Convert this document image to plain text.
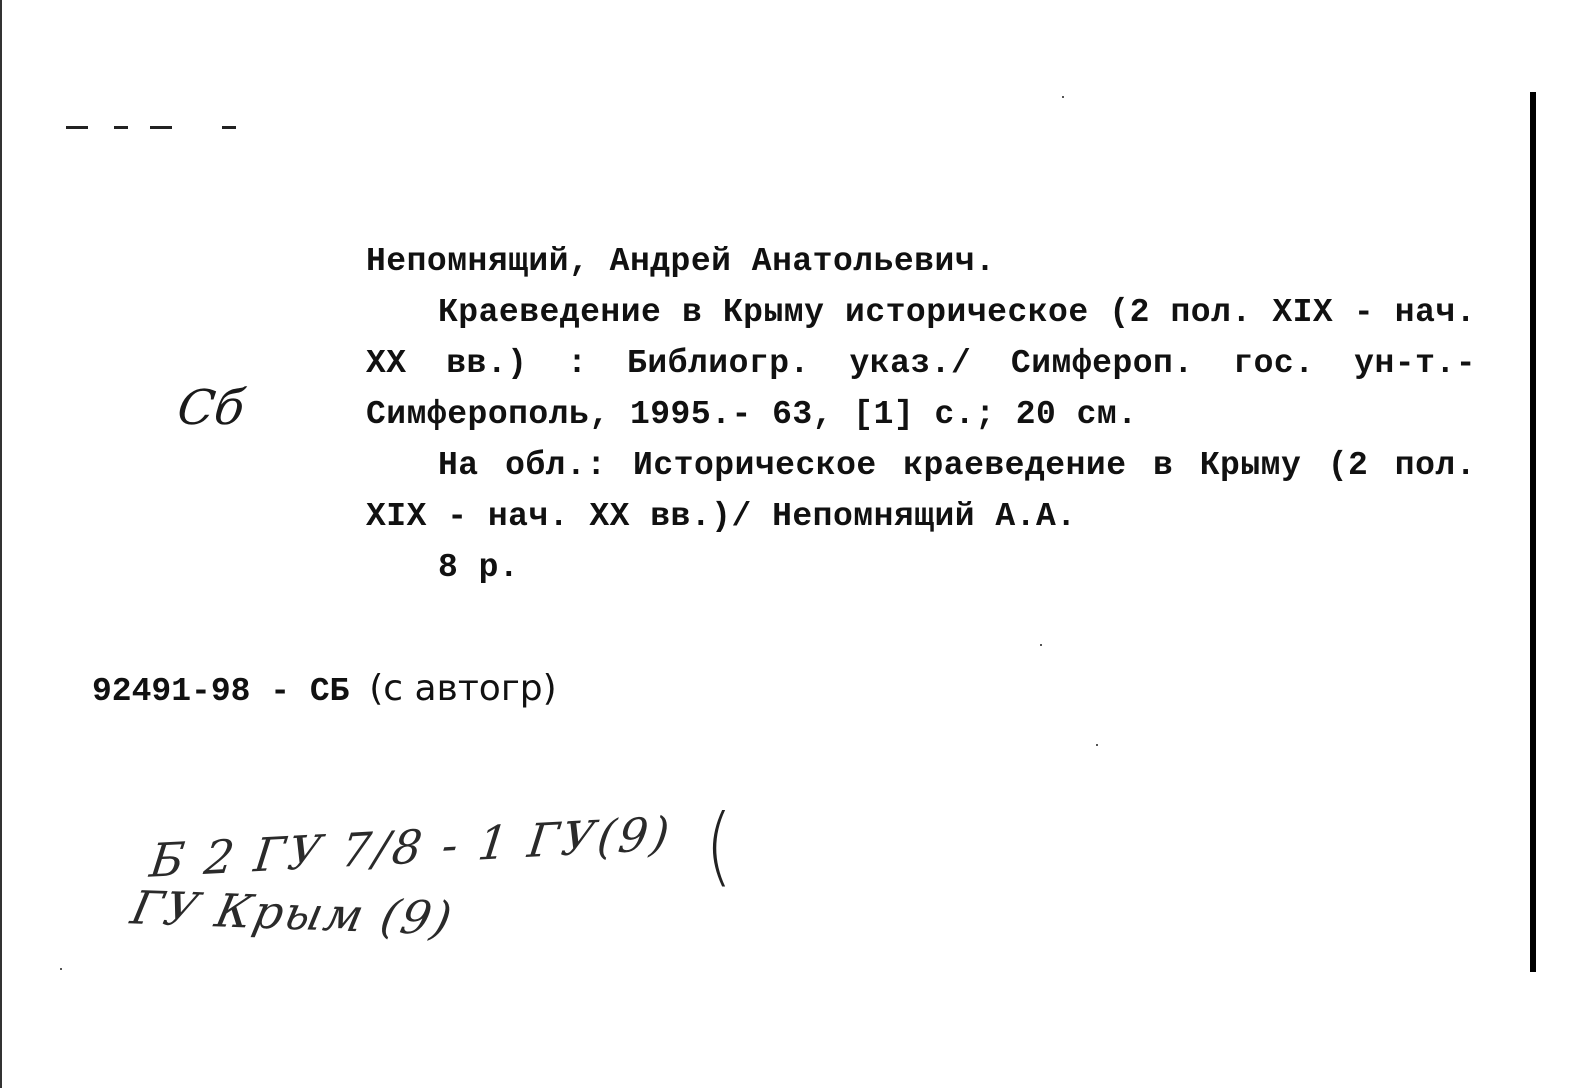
Сб
Непомнящий, Андрей Анатольевич.
Краеведение в Крыму историческое (2 пол. XIX - нач. XX вв.) : Библиогр. указ./ Симфероп. гос. ун-т.- Симферополь, 1995.- 63, [1] с.; 20 см.
На обл.: Историческое краеведение в Крыму (2 пол. XIX - нач. XX вв.)/ Непомнящий А.А.
8 р.
92491-98 - СБ (с автогр)
Б 2 ГУ 7/8 - 1 ГУ(9)
ГУ Крым (9)
(
